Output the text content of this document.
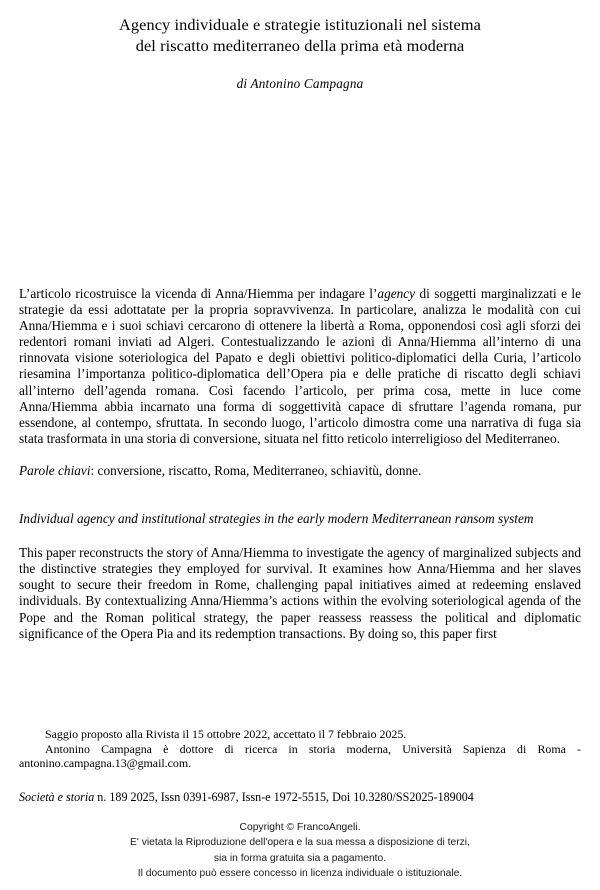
Agency individuale e strategie istituzionali nel sistema
del riscatto mediterraneo della prima età moderna
di Antonino Campagna

L’articolo ricostruisce la vicenda di Anna/Hiemma per indagare l’agency di soggetti marginalizzati e le strategie da essi adottatate per la propria sopravvivenza. In particolare, analizza le modalità con cui Anna/Hiemma e i suoi schiavi cercarono di ottenere la libertà a Roma, opponendosi così agli sforzi dei redentori romani inviati ad Algeri. Contestualizzando le azioni di Anna/Hiemma all’interno di una rinnovata visione soteriologica del Papato e degli obiettivi politico-diplomatici della Curia, l’articolo riesamina l’importanza politico-diplomatica dell’Opera pia e delle pratiche di riscatto degli schiavi all’interno dell’agenda romana. Così facendo l’articolo, per prima cosa, mette in luce come Anna/Hiemma abbia incarnato una forma di soggettività capace di sfruttare l’agenda romana, pur essendone, al contempo, sfruttata. In secondo luogo, l’articolo dimostra come una narrativa di fuga sia stata trasformata in una storia di conversione, situata nel fitto reticolo interreligioso del Mediterraneo.

Parole chiavi: conversione, riscatto, Roma, Mediterraneo, schiavitù, donne.

Individual agency and institutional strategies in the early modern Mediterranean ransom system

This paper reconstructs the story of Anna/Hiemma to investigate the agency of marginalized subjects and the distinctive strategies they employed for survival. It examines how Anna/Hiemma and her slaves sought to secure their freedom in Rome, challenging papal initiatives aimed at redeeming enslaved individuals. By contextualizing Anna/Hiemma’s actions within the evolving soteriological agenda of the Pope and the Roman political strategy, the paper reassess reassess the political and diplomatic significance of the Opera Pia and its redemption transactions. By doing so, this paper first

Saggio proposto alla Rivista il 15 ottobre 2022, accettato il 7 febbraio 2025.

Antonino Campagna è dottore di ricerca in storia moderna, Università Sapienza di Roma - antonino.campagna.13@gmail.com.

Società e storia n. 189 2025, Issn 0391-6987, Issn-e 1972-5515, Doi 10.3280/SS2025-189004

Copyright © FrancoAngeli.

E' vietata la Riproduzione dell'opera e la sua messa a disposizione di terzi,

sia in forma gratuita sia a pagamento.

Il documento può essere concesso in licenza individuale o istituzionale.
